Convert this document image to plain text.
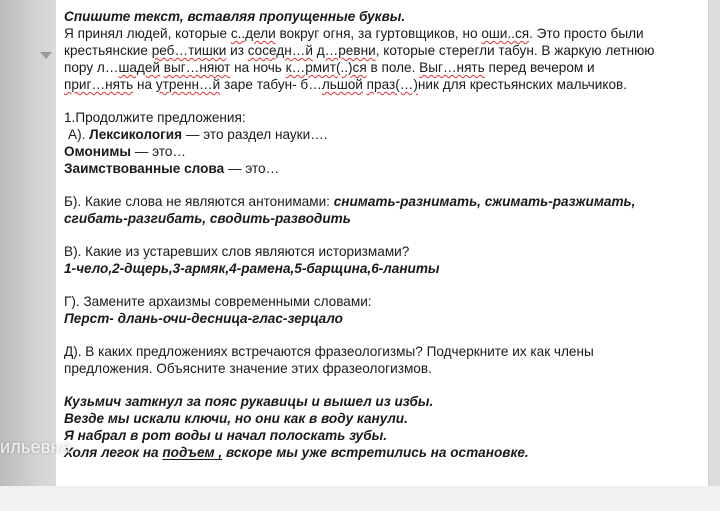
Спишите текст, вставляя пропущенные буквы.

Я принял людей, которые с..дели вокруг огня, за гуртовщиков, но оши..ся. Это просто были

крестьянские реб…тишки из соседн…й д…ревни, которые стерегли табун. В жаркую летнюю

пору л…шадей выг…няют на ночь к…рмит(..)ся в поле. Выг…нять перед вечером и

приг…нять на утренн…й заре табун- б…льшой праз(…)ник для крестьянских мальчиков.

1.Продолжите предложения:

А). Лексикология — это раздел науки….

Омонимы — это…

Заимствованные слова — это…

Б). Какие слова не являются антонимами: снимать-разнимать, сжимать-разжимать,

сгибать-разгибать, сводить-разводить

В). Какие из устаревших слов являются историзмами?

1-чело,2-дщерь,3-армяк,4-рамена,5-барщина,6-ланиты

Г). Замените архаизмы современными словами:

Перст- длань-очи-десница-глас-зерцало

Д). В каких предложениях встречаются фразеологизмы? Подчеркните их как члены

предложения. Объясните значение этих фразеологизмов.

Кузьмич заткнул за пояс рукавицы и вышел из избы.

Везде мы искали ключи, но они как в воду канули.

Я набрал в рот воды и начал полоскать зубы.

Холя легок на подъем , вскоре мы уже встретились на остановке.

ильевна
